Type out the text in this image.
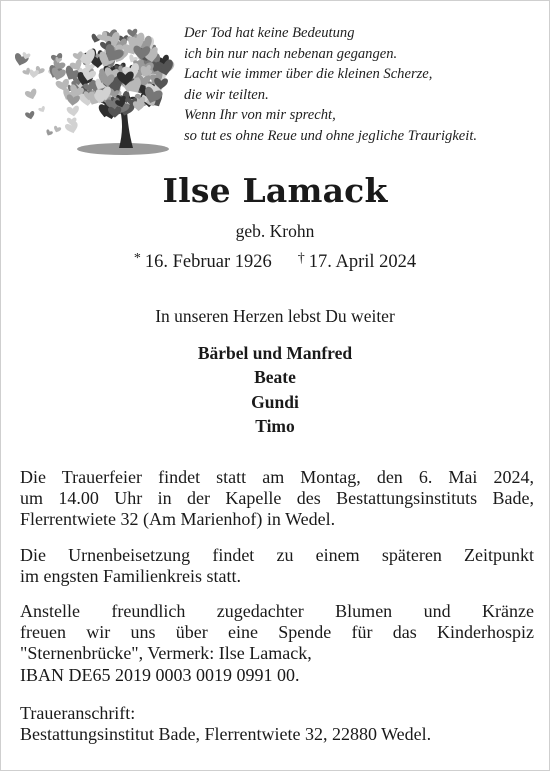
Der Tod hat keine Bedeutung
ich bin nur nach nebenan gegangen.
Lacht wie immer über die kleinen Scherze,
die wir teilten.
Wenn Ihr von mir sprecht,
so tut es ohne Reue und ohne jegliche Traurigkeit.
Ilse Lamack
geb. Krohn
* 16. Februar 1926 † 17. April 2024
In unseren Herzen lebst Du weiter
Bärbel und Manfred
Beate
Gundi
Timo
Die Trauerfeier findet statt am Montag, den 6. Mai 2024,
um 14.00 Uhr in der Kapelle des Bestattungsinstituts Bade,
Flerrentwiete 32 (Am Marienhof) in Wedel.
Die Urnenbeisetzung findet zu einem späteren Zeitpunkt
im engsten Familienkreis statt.
Anstelle freundlich zugedachter Blumen und Kränze
freuen wir uns über eine Spende für das Kinderhospiz
"Sternenbrücke", Vermerk: Ilse Lamack,
IBAN DE65 2019 0003 0019 0991 00.
Traueranschrift:
Bestattungsinstitut Bade, Flerrentwiete 32, 22880 Wedel.
